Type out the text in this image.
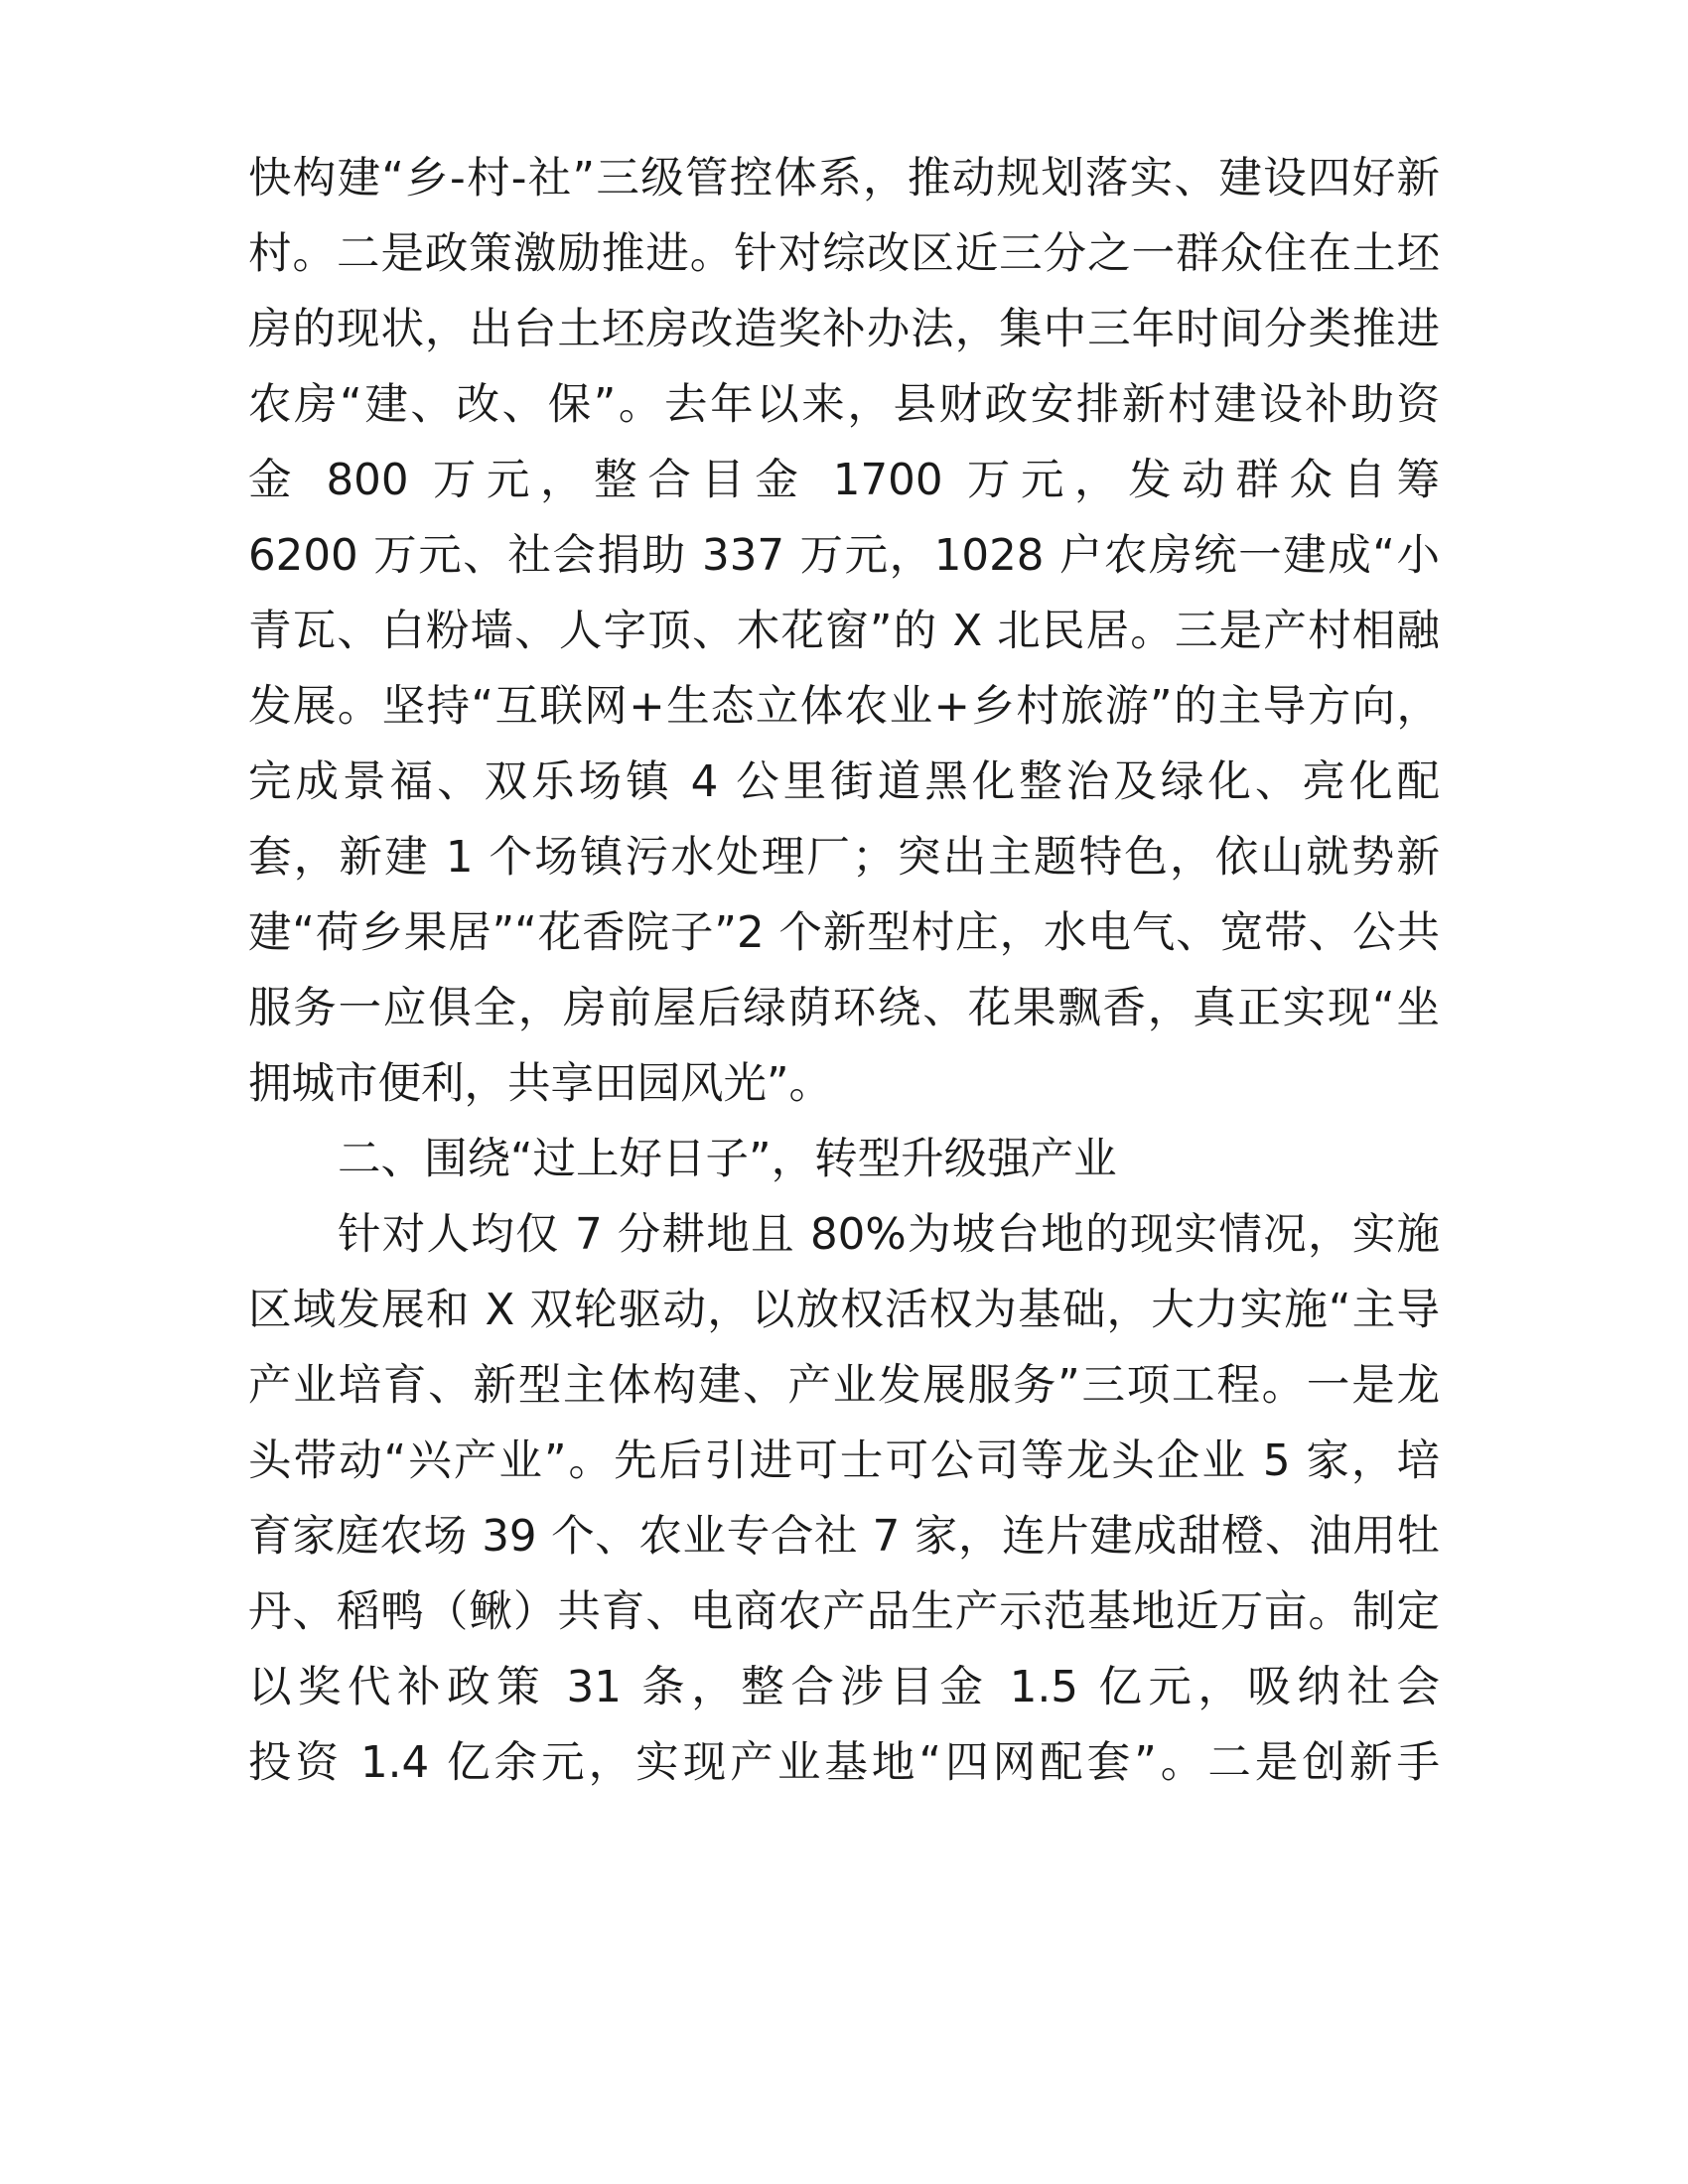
快构建“乡-村-社”三级管控体系，推动规划落实、建设四好新
村。二是政策激励推进。针对综改区近三分之一群众住在土坯
房的现状，出台土坯房改造奖补办法，集中三年时间分类推进
农房“建、改、保”。去年以来，县财政安排新村建设补助资
金 800 万元，整合目金 1700 万元，发动群众自筹
6200 万元、社会捐助 337 万元，1028 户农房统一建成“小
青瓦、白粉墙、人字顶、木花窗”的 X 北民居。三是产村相融
发展。坚持“互联网+生态立体农业+乡村旅游”的主导方向，
完成景福、双乐场镇 4 公里街道黑化整治及绿化、亮化配
套，新建 1 个场镇污水处理厂；突出主题特色，依山就势新
建“荷乡果居”“花香院子”2 个新型村庄，水电气、宽带、公共
服务一应俱全，房前屋后绿荫环绕、花果飘香，真正实现“坐
拥城市便利，共享田园风光”。
二、围绕“过上好日子”，转型升级强产业
针对人均仅 7 分耕地且 80%为坡台地的现实情况，实施
区域发展和 X 双轮驱动，以放权活权为基础，大力实施“主导
产业培育、新型主体构建、产业发展服务”三项工程。一是龙
头带动“兴产业”。先后引进可士可公司等龙头企业 5 家，培
育家庭农场 39 个、农业专合社 7 家，连片建成甜橙、油用牡
丹、稻鸭（鳅）共育、电商农产品生产示范基地近万亩。制定
以奖代补政策 31 条，整合涉目金 1.5 亿元，吸纳社会
投资 1.4 亿余元，实现产业基地“四网配套”。二是创新手
